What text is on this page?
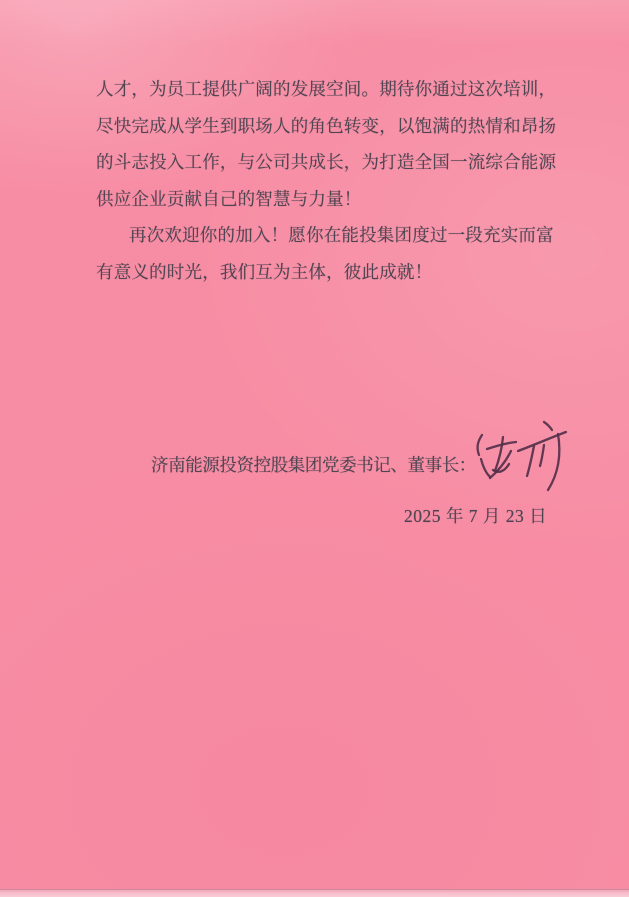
人才，为员工提供广阔的发展空间。期待你通过这次培训，
尽快完成从学生到职场人的角色转变，以饱满的热情和昂扬
的斗志投入工作，与公司共成长，为打造全国一流综合能源
供应企业贡献自己的智慧与力量！
再次欢迎你的加入！愿你在能投集团度过一段充实而富
有意义的时光，我们互为主体，彼此成就！
济南能源投资控股集团党委书记、董事长：
2025 年 7 月 23 日
